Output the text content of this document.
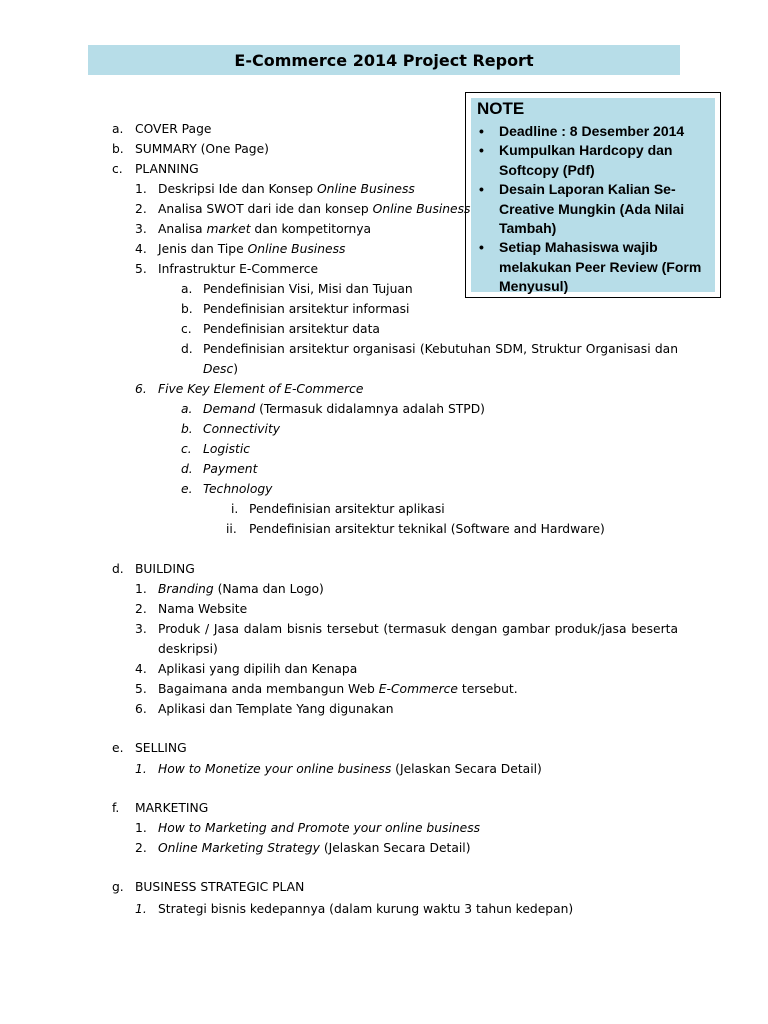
E-Commerce 2014 Project Report
NOTE
• Deadline : 8 Desember 2014
• Kumpulkan Hardcopy dan Softcopy (Pdf)
• Desain Laporan Kalian Se-Creative Mungkin (Ada Nilai Tambah)
• Setiap Mahasiswa wajib melakukan Peer Review (Form Menyusul)
a. COVER Page
b. SUMMARY (One Page)
c. PLANNING
1. Deskripsi Ide dan Konsep Online Business
2. Analisa SWOT dari ide dan konsep Online Business
3. Analisa market dan kompetitornya
4. Jenis dan Tipe Online Business
5. Infrastruktur E-Commerce
a. Pendefinisian Visi, Misi dan Tujuan
b. Pendefinisian arsitektur informasi
c. Pendefinisian arsitektur data
d. Pendefinisian arsitektur organisasi (Kebutuhan SDM, Struktur Organisasi dan
Desc)
6. Five Key Element of E-Commerce
a. Demand (Termasuk didalamnya adalah STPD)
b. Connectivity
c. Logistic
d. Payment
e. Technology
i. Pendefinisian arsitektur aplikasi
ii. Pendefinisian arsitektur teknikal (Software and Hardware)
d. BUILDING
1. Branding (Nama dan Logo)
2. Nama Website
3. Produk / Jasa dalam bisnis tersebut (termasuk dengan gambar produk/jasa beserta
deskripsi)
4. Aplikasi yang dipilih dan Kenapa
5. Bagaimana anda membangun Web E-Commerce tersebut.
6. Aplikasi dan Template Yang digunakan
e. SELLING
1. How to Monetize your online business (Jelaskan Secara Detail)
f. MARKETING
1. How to Marketing and Promote your online business
2. Online Marketing Strategy (Jelaskan Secara Detail)
g. BUSINESS STRATEGIC PLAN
1. Strategi bisnis kedepannya (dalam kurung waktu 3 tahun kedepan)
